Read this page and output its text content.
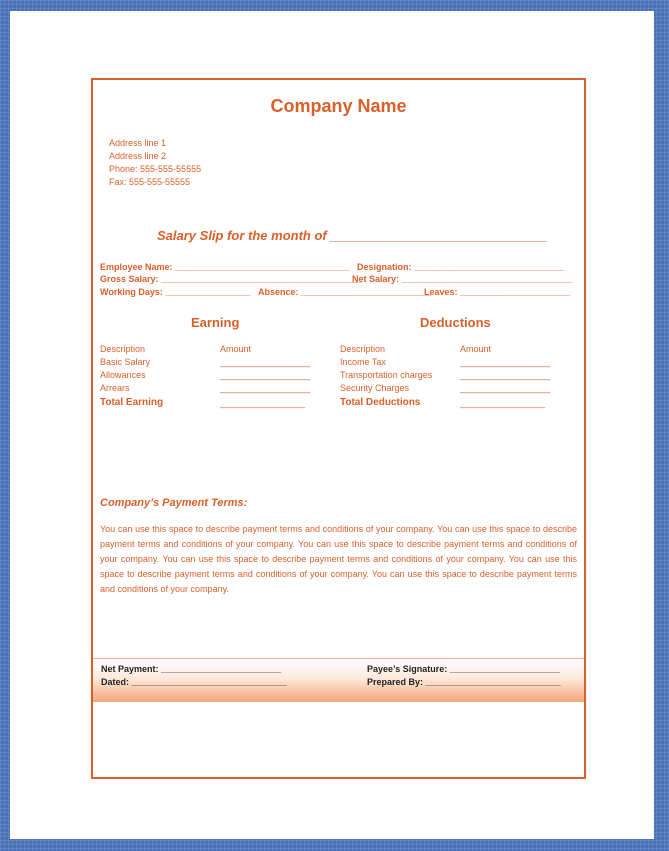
Company Name
Address line 1
Address line 2
Phone: 555-555-55555
Fax: 555-555-55555
Salary Slip for the month of ______________________________
Employee Name: ___________________________________ Designation: ______________________________
Gross Salary: ________________________________________
Net Salary: __________________________________
Working Days: _________________ Absence: __________________________
Leaves: ______________________
Earning
Description	Amount
Basic Salary	__________________
Allowances	__________________
Arrears	__________________
Total Earning	_________________
Deductions
Description	Amount
Income Tax	__________________
Transportation charges	__________________
Security Charges	__________________
Total Deductions	_________________
Company’s Payment Terms:
You can use this space to describe payment terms and conditions of your company. You can use this space to describe payment terms and conditions of your company. You can use this space to describe payment terms and conditions of your company. You can use this space to describe payment terms and conditions of your company. You can use this space to describe payment terms and conditions of your company. You can use this space to describe payment terms and conditions of your company.
Net Payment: ________________________
Dated: _______________________________
Payee’s Signature: ______________________
Prepared By: ___________________________
